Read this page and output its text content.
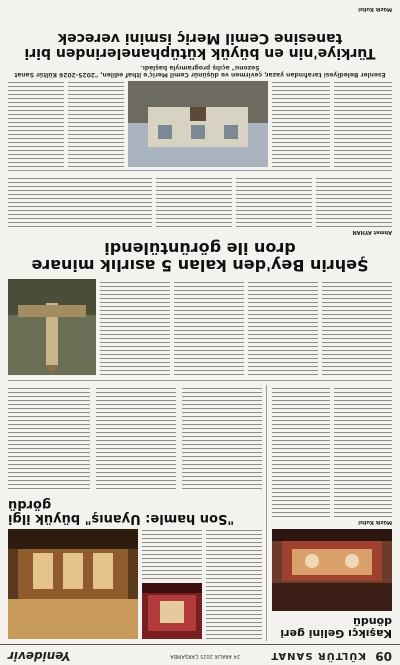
09
KÜLTÜR SANAT
24 ARALIK 2025 ÇARŞAMBA
Yenidevir
Kaşıkçı Gelini geri döndü
Müzik Kulisi
"Son hamle: Uyanış" büyük ilgi gördü
Şehrin Bey'den kalan 5 asırlık minare dron ile görüntülendi
Ahmet AYHAN
Esenler Belediyesi tarafından yazar, çevirmen ve düşünür Cemil Meriç'e ithaf edilen, "2025-2026 Kültür Sanat Sezonu" açılış programıyla başladı.
Türkiye'nin en büyük kütüphanelerinden biri tanesine Cemil Meriç ismini verecek
Müzik Kulisi
